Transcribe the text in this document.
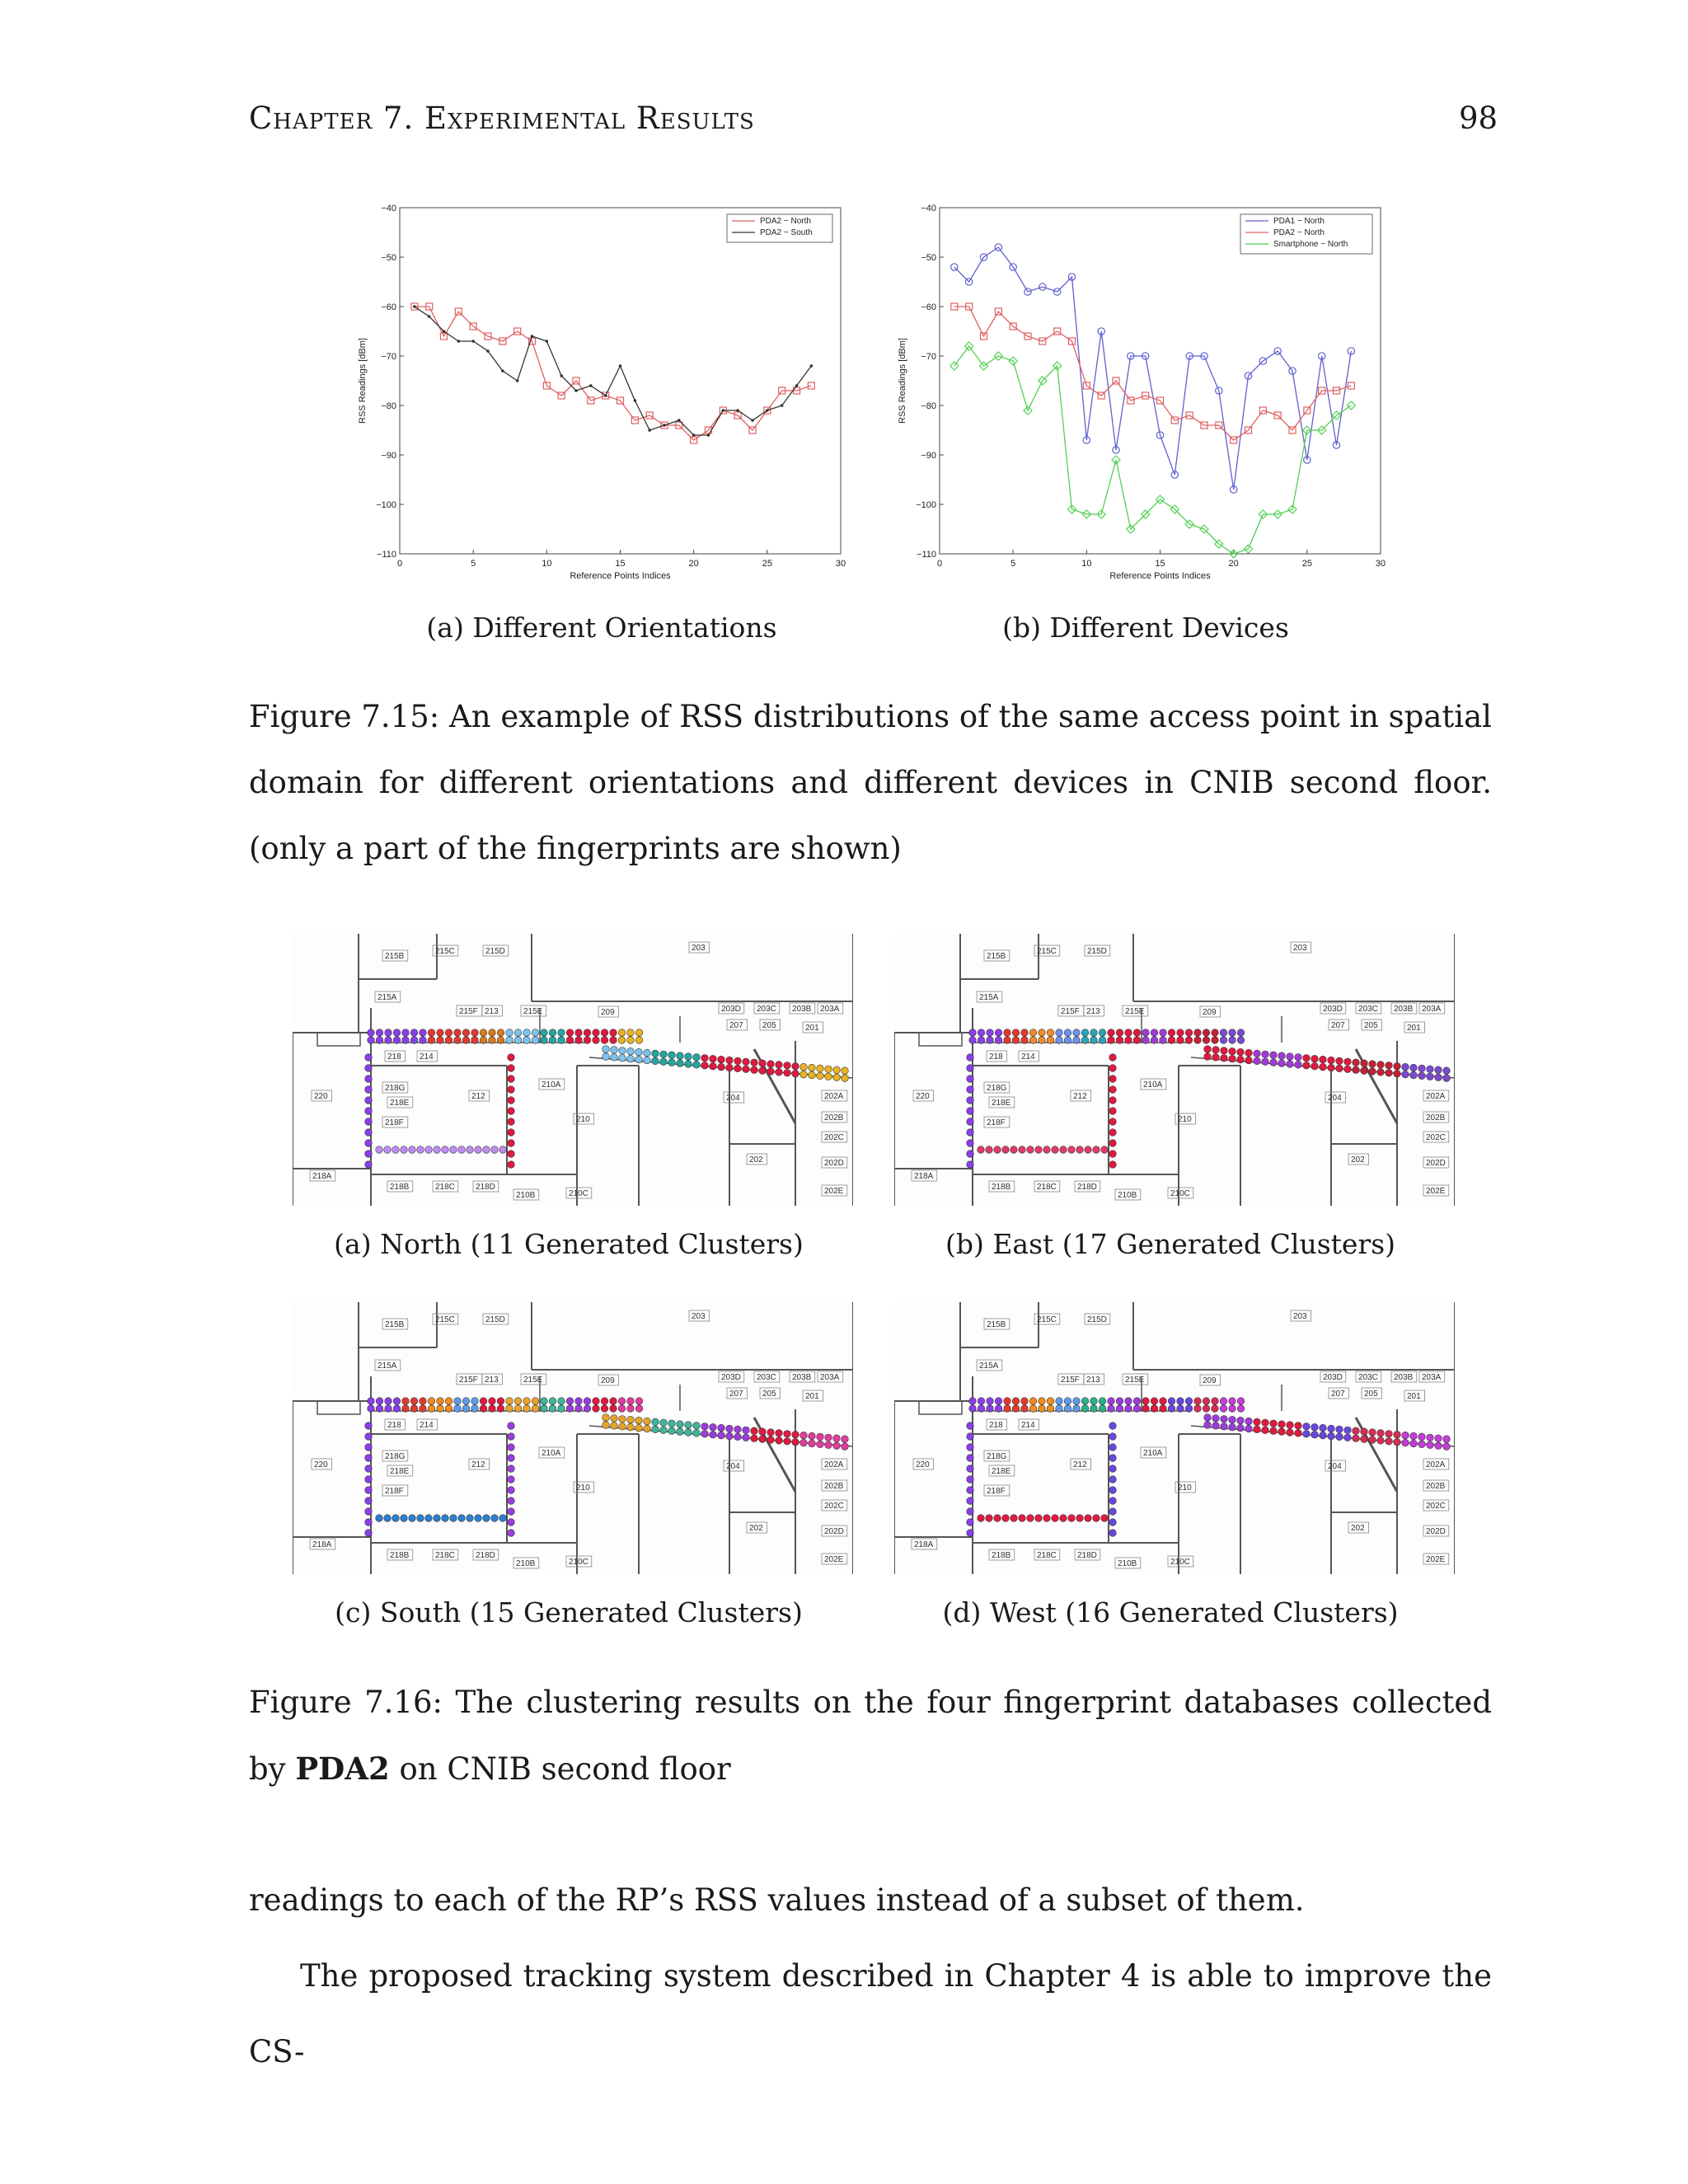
Chapter 7. Experimental Results	98
0	5	10	15	20	25	30
−40
−50
−60
−70
−80
−90
−100
−110
Reference Points Indices
RSS Readings [dBm]
PDA2 − North
PDA2 − South
0	5	10	15	20	25	30
−40
−50
−60
−70
−80
−90
−100
−110
Reference Points Indices
RSS Readings [dBm]
PDA1 − North
PDA2 − North
Smartphone − North
(a) Different Orientations	(b) Different Devices
Figure 7.15: An example of RSS distributions of the same access point in spatial domain for different orientations and different devices in CNIB second floor. (only a part of the fingerprints are shown)
215B
215C	215D	203
215A
213	215E
215F	209	203D 203C 203B 203A
207 205	201
218 214
220
218G
212
210A
204	202A
218E
210	202B
218F
202C
202	202D
218A
218B	218C	218D
210B	210C	202E
215B
215C	215D	203
215A
213	215E
215F	209	203D 203C 203B 203A
207 205	201
218 214
220
218G
212
210A
204	202A
218E
210	202B
218F
202C
202	202D
218A
218B	218C	218D
210B	210C	202E
(a) North (11 Generated Clusters)	(b) East (17 Generated Clusters)
215B
215C	215D	203
215A
213	215E
215F	209	203D 203C 203B 203A
207 205	201
218 214
220
218G
212
210A
204	202A
218E
210	202B
218F
202C
202	202D
218A
218B	218C	218D
210B	210C	202E
215B
215C	215D	203
215A
213	215E
215F	209	203D 203C 203B 203A
207 205	201
218 214
220
218G
212
210A
204	202A
218E
210	202B
218F
202C
202	202D
218A
218B	218C	218D
210B	210C	202E
(c) South (15 Generated Clusters)	(d) West (16 Generated Clusters)
Figure 7.16: The clustering results on the four fingerprint databases collected by PDA2 on CNIB second floor
readings to each of the RP’s RSS values instead of a subset of them.
The proposed tracking system described in Chapter 4 is able to improve the CS-
